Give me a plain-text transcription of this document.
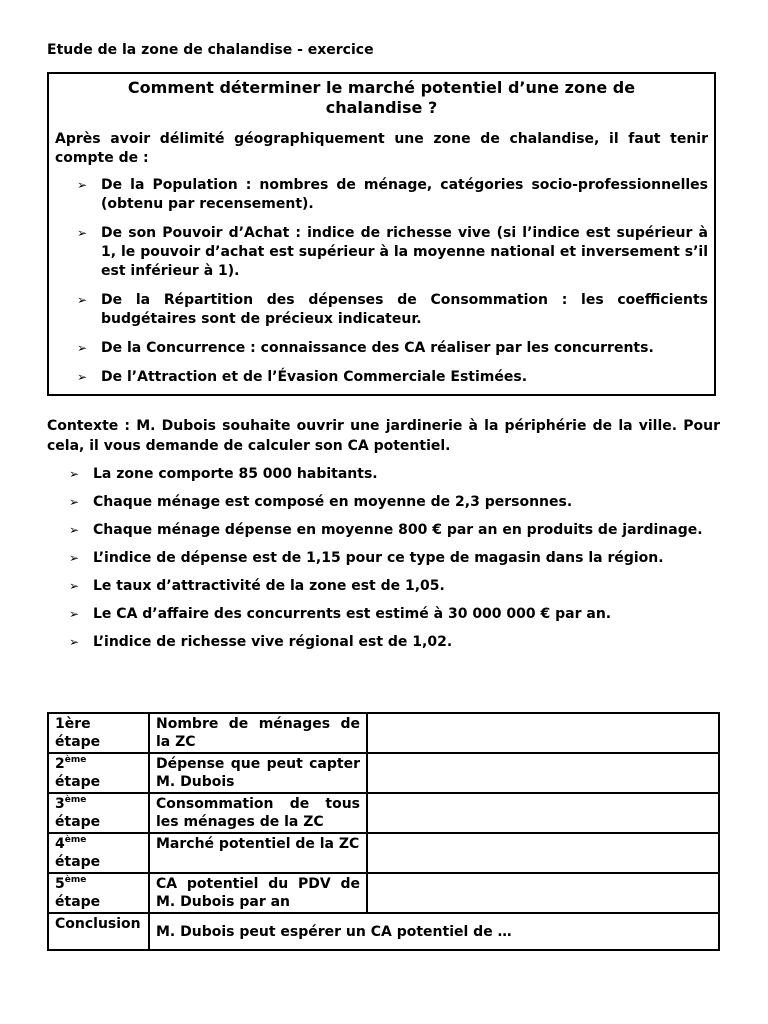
Etude de la zone de chalandise - exercice
Comment déterminer le marché potentiel d’une zone de chalandise ?
Après avoir délimité géographiquement une zone de chalandise, il faut tenir compte de :
➢ De la Population : nombres de ménage, catégories socio-professionnelles (obtenu par recensement).
➢ De son Pouvoir d’Achat : indice de richesse vive (si l’indice est supérieur à 1, le pouvoir d’achat est supérieur à la moyenne national et inversement s’il est inférieur à 1).
➢ De la Répartition des dépenses de Consommation : les coefficients budgétaires sont de précieux indicateur.
➢ De la Concurrence : connaissance des CA réaliser par les concurrents.
➢ De l’Attraction et de l’Évasion Commerciale Estimées.
Contexte : M. Dubois souhaite ouvrir une jardinerie à la périphérie de la ville. Pour cela, il vous demande de calculer son CA potentiel.
➢ La zone comporte 85 000 habitants.
➢ Chaque ménage est composé en moyenne de 2,3 personnes.
➢ Chaque ménage dépense en moyenne 800 € par an en produits de jardinage.
➢ L’indice de dépense est de 1,15 pour ce type de magasin dans la région.
➢ Le taux d’attractivité de la zone est de 1,05.
➢ Le CA d’affaire des concurrents est estimé à 30 000 000 € par an.
➢ L’indice de richesse vive régional est de 1,02.
1ère
étape	Nombre de ménages de la ZC	
2ème
étape	Dépense que peut capter M. Dubois	
3ème
étape	Consommation de tous les ménages de la ZC	
4ème
étape	Marché potentiel de la ZC	
5ème
étape	CA potentiel du PDV de M. Dubois par an	
Conclusion	M. Dubois peut espérer un CA potentiel de …	
